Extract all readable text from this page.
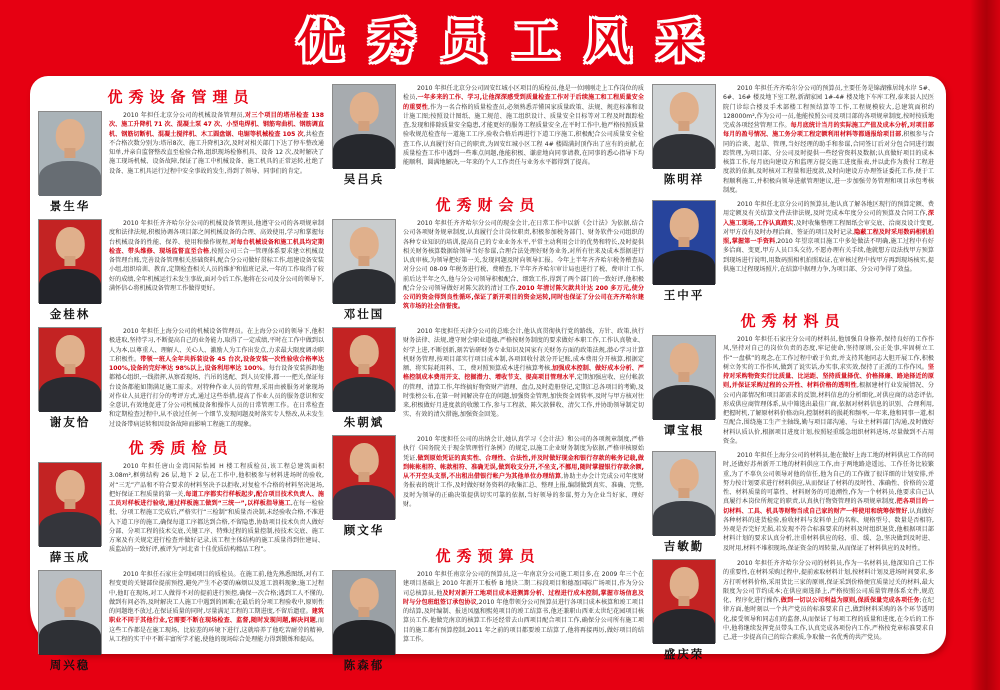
优秀员工风采
优秀设备管理员
景生华
2010 年担任北京分公司的机械设备管理员,对三个项目的塔吊检查 138 次、施工升降机 71 次、混凝土泵 47 次、小型电焊机、钢筋弯曲机、钢筋调直机、钢筋切断机、混凝土搅拌机、木工圆盘锯、电锯等机械检查 105 次,共检查不合格次数分别为:塔吊8次、施工升降机3次,及时对相关部门下达了停车整改通知单,并亲自监督整改直至检验合格,组织现场检修机具、设备 12 次,及时解决了施工现场机械、设备故障,保证了施工中机械设备、施工机具的正常运转,杜绝了设备、施工机具运行过程中安全事故的发生,得到了领导、同事们的肯定。
金桂林
2010 年担任齐齐哈尔分公司的机械设备管理员,他遵守公司的各项规章制度和法律法规,积极协调各项目部之间机械设备的合理、高效使用,学习和掌握每台机械设备的性能、保养、使用和操作规程,对每台机械设备和施工机具均定期检查、带头维修、现场监督直至合格,按照公司三合一管理体系要求建立机械设备管理台账,完善设备管理相关基础资料,配合分公司做好贯标工作,组建设备安装小组,组织培训、教育,定期检查相关人员的维护和值班记录,一年的工作取得了较好的成绩,全年机械运行未发生事故,面对今后工作,他将在公司及分公司的领导下,满怀信心将机械设备管理工作做得更好。
谢友恰
2010 年担任上海分公司的机械设备管理员。在上海分公司的领导下,他积极进取,坚持学习,不断提高自己的业务能力,取得了一定成绩,平时在工作中做到以人为本,以尊重人、理解人、关心人、激励人为工作出发点,力求最大限度调动职工积极性。带领一班人全年共拆装设备 45 台次,设备安装一次性验收合格率达 100%,设备的完好率达 98%以上,设备利用率达 100%。每台设备安装拆卸他都精心组织,一线指挥,从察看现场、汽吊的选配、到人员安排,都一一把关,保证每台设备都能如期满足施工需求。对特种作业人员的管理,采用由被服务对象现场对作业人员进行打分的考评方式,通过这些举措,提高了作业人员的服务意识和安全意识,有效地促进了分公司机械设备和操作人员的日常管理工作。在日常检查和定期检查过程中,从不放过任何一个细节,发现问题及时落实专人整改,从未发生过设备带病运转和因设备故障而影响工程施工的现象。
优秀质检员
薛玉成
2010 年担任唐山金湾国际怡园 H 楼工程质检员,该工程总建筑面积 3.08m²,框剪结构 26 层,地下 2 层,在工作中,他积极参与材料进场时的验收,对“三无”产品和不符合要求的材料坚决予以拒收,对复检不合格的材料坚决退场,把好保证工程质量的第一关,每道工序都实行样板起步,配合项目技术负责人、施工员对样板进行验收,通过样板施工做到“三统一”,以样板指导施工,在每一检验批、分项工程施工完成后,严格实行“三检制”和质量否决制,未经验收合格,不准进入下道工序的施工,确保每道工序都达到合格,不留隐患,协助项目技术负责人做好分部、分项工程的技术交底,关键工序、特殊过程的质量控制,按技术交底、施工方案及有关规定进行检查并做好记录,该工程主体结构的施工质量得到住建局、质监站的一致好评,被评为“河北省十佳优质结构精品工程”。
周兴稳
2010 年担任石家庄金明园项目的质检员。在施工前,他先熟悉图纸,对有工程变更的关键部位提前预控,避免产生不必要的麻烦以及返工浪料现象;施工过程中,他盯在现场,对工人做得不对的提前进行预控,确保一次合格;遇到工人不懂的,做到有问必答,及时解决工人施工中遇到的困难;在最后的分项工程验收中,原则性的问题绝不放过,在保证质量的同时,尽量满足工程的工期进度,不留后遗症。建筑职业不同于其他行业,它需要不断在现场检查、监督,随时发现问题,解决问题,而这些工作都是在施工现场、比较差的环境下进行,这就培养了他吃苦耐劳的精神,从工程的实干中不断丰富所学才能,使他的现场综合处理能力得到锻炼和提高。
吴吕兵
2010 年担任北京分公司固安红城小区项目的质检员,他是一位刚刚走上工作岗位的质检员,一年多来的工作、学习,让他深深感受到质量检查工作对于后续施工和工程质量安全的重要性,作为一名合格的质量检查员,必须熟悉弄懂国家质量政策、法规、规范标准和设计施工图;按照设计图纸、施工规范、施工组织设计、质量安全目标等对工程及时跟踪检查,发现和排除质量安全隐患,才能更好的服务工程质量安全,在平时工作中,他严格按照质量验收规范检查每一道施工工序,验收合格后再进行下道工序施工,积极配合公司质量安全检查工作,认真履行好自己的职责,为固安红城小区工程 4# 楼圆满封顶作出了应有的贡献,在质量检查工作中遇到一些难点问题,他能积极、谦虚地向同事请教,在同事的悉心指导下均能顺利、圆满地解决,一年来的个人工作责任与业务水平都得到了提高。
优秀财会员
邓壮国
2010 年担任齐齐哈尔分公司的现金会计,在日常工作中以新《会计法》为依据,结合公司各项财务规章制度,认真履行会计岗位职责,积极参加税务部门、财务软件公司组织的各种专业知识的培训,提高自己的专业业务水平,平常主动利用会计的优势和特长,及时提供相关财务核算数据给领导当好参谋,合理合法处理好财务业务,对所有往来及成本票据进行认真审核,为领导把好第一关,发现问题及时向领导汇报。今年上半年齐齐哈尔税务稽查局对分公司 08-09 年税务进行税、费稽查,下半年齐齐哈尔审计局也进行了税、费审计工作,前后达半年之久,他与分公司领导积极配合、细致工作,得到了两个部门的一致好评,他积极配合分公司领导做好对陈欠款的清讨工作,2010 年清讨陈欠款共计达 200 多万元,使分公司的资金得到良性循环,保证了新开项目的资金运转,同时也保证了分公司在齐齐哈尔建筑市场的社会信誉度。
朱朝斌
2010 年度担任天津分公司的总账会计,他认真贯彻执行党的路线、方针、政策,执行财务法律、法规,遵守财会职业道德,严格按财务制度的要求做好本职工作,工作认真敬业、好学上进,不断创新,刻苦钻研财务专业知识及国家有关财务方面的政策法规,潜心学习计算机财务管理,按项目部实行项目成本制,各项回收付款分开记账,成本费用分开核算,根据定额、将实际耗用料、工、费对照预算成本进行核算考核,加强成本控制、做好成本分析、严格控制成本费用开支、挖掘潜力、增收节支、提高项目管理水平,定期加强应收、应付帐款的管理、清算工作,年终搞好物资财产清理、盘点,及时造册登记,定期汇总各项目的考勤,及时张榜公布,在第一时间解决存在的问题,加强资金管理,加快资金周转率,及时与甲方核对往来,积极做好月进度款的收缴工作,参与工程款、陈欠款催收、清欠工作,并协助领导制定切实、有效的清欠措施,加强资金回笼。
顾文华
2010 年度担任公司的出纳会计,她认真学习《会计法》和公司的各项规章制度,严格执行《国务院关于现金管理暂行条例》的规定,以施工企业财务制度为依据,严格审核原始凭证,做到原始凭证的真实性、合理性、合法性,并及时做好现金和银行存款的帐务记载,做到帐帐相符、帐款相符、准确无误,做到收支分开,不坐支,不挪用,随时掌握银行存款余额,从不开空头支票,不出租出借银行帐户为其他单位办理结算,协助主办会计完成公司年度财务报表的统计工作,及时做好财务资料的收集汇总、整理上报,编制做到真实、准确、完整,及时为领导的正确决策提供切实可靠的依据,当好领导的参谋,努力为企业当好家、理好财。
优秀预算员
陈森郁
2010 年担任南京分公司的预算员,这一年南京分公司施工项目多,在 2009 年三个在建项目基础上 2010 年新开工板桥 B 地块二期二标段项目和德盈国际广场项目,作为分公司总核算员,他及时对新开工地项目成本进测算分析、过程进行成本控制,掌握市场信息及时与分包班组签订承包协议,2010 年他带领分公司预算员进行各项目成本核算和竣工项目的结算,及时编制、报送凤凰和熙苑项目的竣工结算书,他还兼职山西亚太世纪花园项目核算员工作,他做完南京的核算工作还经常去山西项目配合项目工作,确保分公司所有施工项目的施工都有预算控制,2011 年之前的项目都要竣工结算了,他将再接再厉,做好项目的结算工作。
陈明祥
2010 年担任齐齐哈尔分公司的预算员,主要任务是锦湖雅居纯水岸 5#、6#、16# 楼及地下室工程,新湖家园 1#-4# 楼及地下车库工程,泰来县人民医院门诊综合楼及手术部楼工程预结算等工作,工程规模较大,总建筑面积约 128000m²,作为公司一员,他能按照公司及项目部的各项规章制度,按时按质地完成各项经营管理工作。每月底统计当月的实际施工产值及成本分析,对项目部每月的盈号情况、施工务分项工程定额利用材料等都通报给项目部,积极参与合同的洽谈、起草、管理,当好经理的助手和参谋,合同签订后对分包合同进行跟踪管理,为项目部、分公司及时提供一些经营资料及数据;认真做好项目的成本核算工作,每月底向建设方和监理方提交施工进度报表,并以此作为拨付工程进度款的依据,及时核对工程量和进度款,及时向建设方办理签证委托工作,便于工程顺利施工,并积极向领导进献管理建议,进一步加强劳务管理和项目承包考核制度。
王中平
2010 年担任北京分公司的预算员,他认真了解各地区现行的预算定额、费用定额及有关结算文件法律法规,及时完成本年度分公司的预算及合同工作,深入施工现场,工作认真踏实,及时收集整理工程图纸会审交底、洽商及设计变更,对甲方没有及时办理洽商、签证的项目及时记录,隐蔽工程及时采用数码相机拍照,掌握第一手资料,2010 年望京项目施工中多处做法不明确,施工过程中有好多洽商、变更,甲方人员口头交待,不愿办理有关手续,他就想方设法找甲方预算到现场进行说明,用数码照相机拍照取证,在审核过程中找甲方再到现场核实,提供施工过程现场照片,在结算中据理力争,为项目部、分公司争得了效益。
优秀材料员
谭宝根
2010 年担任石家庄分公司的材料员,他加强自身修养,保持良好的工作作风,坚持对自己的岗位负责的态度,牢记使命,坚持原则,公正处事,牢固树立工作“一盘棋”的观念,在工作过程中敢于负责,并支持其他同志大胆开展工作,积极树立务实的工作作风,做到了说实话,办实事,求实效,保持了正派的工作作风。坚持对采购物资实行比质量、比运距、坚持质量择优、价格择廉、路途择近的原则,并保证采购过程的公开性、材料价格的透明性,根据建材行业发展情况、分公司内部情况和项目部需求的反馈,材料信息的分析细化,对供应商的动态评估,形成供应商管理体系,从中筛选出最佳厂商,依据对材料信息的识别、合理利用,把握时机,了解原材料价格动向,控制材料的损耗和频率,一年来,他和同事一道,相互配合,围绕施工生产主轴线,勤与项目部沟通、与业主材料部门沟通,及时做好材料认质认价,根据项目进度计划,按照轻重缓急组织材料进场,尽量做到不占用资金。
吉敏勤
2010 年担任上海分公司的材料员,他在做好上海工地的材料供应工作的同时,还做好苏州新开工地的材料供应工作,由于两地路途遥远、工作任务比较繁重,为了不辜负公司领导对他的信任,他为自己的工作做了很详细的计划安排,并努力按计划要求进行材料供应,从而保证了材料的及时性、准确性、价格的公道性、材料质量的可靠性、材料财务的可追溯性,作为一个材料员,他要求自己认真履行本岗位所规定的职责,认真执行物资管理的各项规章制度,把各项目的一切材料、工具、机具等财物当成自己家的财产一样使用和统筹保管好,认真做好各种材料的进货检验,验收材料与发料单上的名称、规格型号、数量是否相符,外观是否完好无损,若发现不符合标准要求的材料及时组织退货,他根据项目部材料计划的要求认真分析,注重材料供应的轻、重、缓、急,坚决做到及时进、及时用,材料不堆积现场,保证资金的周转量,从而保证了材料供应的及时性。
盛庆荣
2010 年担任齐齐哈尔分公司的材料员,作为一名材料员,他深知自己工作的重要性,在材料采购过程中,提前索取材料计划,按材料计划及进场时间要求,多方打听材料价格,采用货比三家的原则,保证采到价格便宜质量过关的材料,最大限度为公司节约成本;在供应商选择上,严格按照公司质量管理体系文件,规范化、程序化进行操作,做到一切以公司利益为原则,保质保量完成各项任务;在纪律方面,他时刻以一个共产党员的标准要求自己,做到材料采购的各个环节透明化,接受领导和同志们的监督,从而保证了每项工程的质量和进度,在今后的工作中,他将继续发挥党员带头工作,认真完成各项份内工作,严格按党章标准要求自己,进一步提高自己的综合素质,争取做一名优秀的共产党员。
